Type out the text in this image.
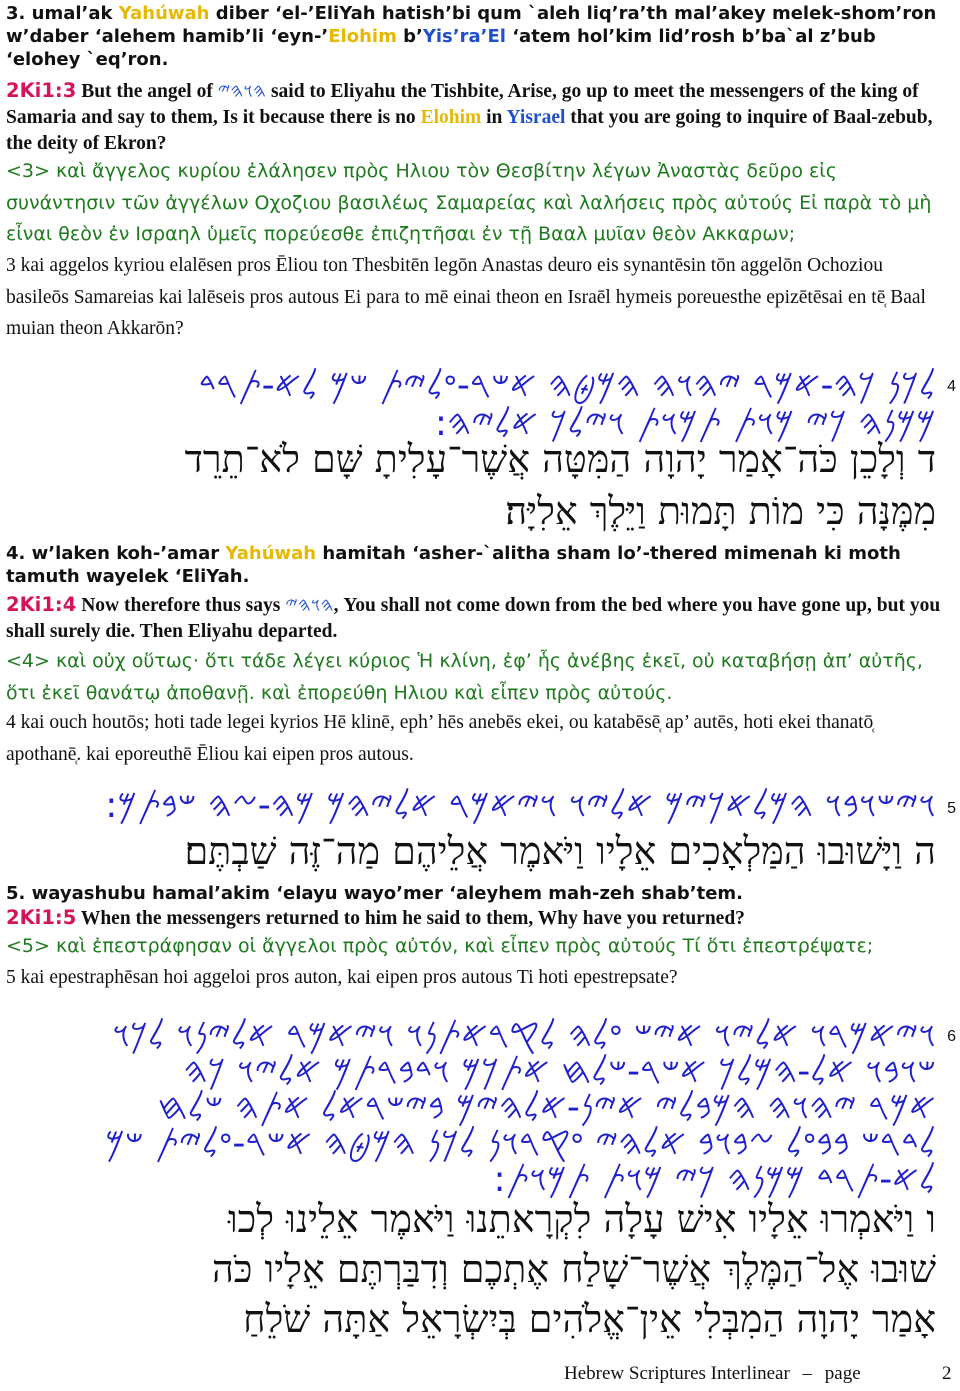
3. umal’ak Yahúwah diber ‘el-’EliYah hatish’bi qum `aleh liq’ra’th mal’akey melek-shom’ron w’daber ‘alehem hamib’li ‘eyn-’Elohim b’Yis’ra’El ‘atem hol’kim lid’rosh b’ba`al z’bub ‘elohey `eq’ron.
2Ki1:3 But the angel of 𐤄𐤅𐤄𐤉 said to Eliyahu the Tishbite, Arise, go up to meet the messengers of the king of Samaria and say to them, Is it because there is no Elohim in Yisrael that you are going to inquire of Baal-zebub, the deity of Ekron?
<3> καὶ ἄγγελος κυρίου ἐλάλησεν πρὸς Ηλιου τὸν Θεσβίτην λέγων Ἀναστὰς δεῦρο εἰς συνάντησιν τῶν ἀγγέλων Οχοζιου βασιλέως Σαμαρείας καὶ λαλήσεις πρὸς αὐτούς Εἰ παρὰ τὸ μὴ εἶναι θεὸν ἐν Ισραηλ ὑμεῖς πορεύεσθε ἐπιζητῆσαι ἐν τῇ Βααλ μυῖαν θεὸν Ακκαρων;
3 kai aggelos kyriou elalēsen pros Ēliou ton Thesbitēn legōn Anastas deuro eis synantēsin tōn aggelōn Ochoziou basileōs Samareias kai lalēseis pros autous Ei para to mē einai theon en Israēl hymeis poreuesthe epizētēsai en tē̜ Baal muian theon Akkarōn?
𐤋𐤊𐤍 𐤊𐤄-𐤀𐤌𐤓 𐤉𐤄𐤅𐤄 𐤄𐤌𐤈𐤄 𐤀𐤔𐤓-𐤏𐤋𐤉𐤕 𐤔𐤌 𐤋𐤀-𐤕𐤓𐤃
𐤌𐤌𐤍𐤄 𐤊𐤉 𐤌𐤅𐤕 𐤕𐤌𐤅𐤕 𐤅𐤉𐤋𐤊 𐤀𐤋𐤉𐤄:
4
ד וְלָכֵן כֹּה־אָמַר יָהוָה הַמִּטָּה אֲשֶׁר־עָלִיתָ שָּׁם לֹא־תֵרֵד
מִמֶּנָּה כִּי מוֹת תָּמוּת וַיֵּלֶךְ אֵלִיָּה׃
4. w’laken koh-’amar Yahúwah hamitah ‘asher-`alitha sham lo’-thered mimenah ki moth tamuth wayelek ‘EliYah.
2Ki1:4 Now therefore thus says 𐤄𐤅𐤄𐤉, You shall not come down from the bed where you have gone up, but you shall surely die. Then Eliyahu departed.
<4> καὶ οὐχ οὕτως· ὅτι τάδε λέγει κύριος Ἡ κλίνη, ἐφ’ ἧς ἀνέβης ἐκεῖ, οὐ καταβήσῃ ἀπ’ αὐτῆς, ὅτι ἐκεῖ θανάτῳ ἀποθανῇ. καὶ ἐπορεύθη Ηλιου καὶ εἶπεν πρὸς αὐτούς.
4 kai ouch houtōs; hoti tade legei kyrios Hē klinē, eph’ hēs anebēs ekei, ou katabēsē̜ ap’ autēs, hoti ekei thanatō̜ apothanē̜. kai eporeuthē Ēliou kai eipen pros autous.
𐤅𐤉𐤔𐤅𐤁𐤅 𐤄𐤌𐤋𐤀𐤊𐤉𐤌 𐤀𐤋𐤉𐤅 𐤅𐤉𐤀𐤌𐤓 𐤀𐤋𐤉𐤄𐤌 𐤌𐤄-𐤆𐤄 𐤔𐤁𐤕𐤌: 5
ה וַיָּשׁוּבוּ הַמַּלְאָכִים אֵלָיו וַיֹּאמֶר אֲלֵיהֶם מַה־זֶּה שַׁבְתֶּם׃
5. wayashubu hamal’akim ‘elayu wayo’mer ‘aleyhem mah-zeh shab’tem.
2Ki1:5 When the messengers returned to him he said to them, Why have you returned?
<5> καὶ ἐπεστράφησαν οἱ ἄγγελοι πρὸς αὐτόν, καὶ εἶπεν πρὸς αὐτούς Τί ὅτι ἐπεστρέψατε;
5 kai epestraphēsan hoi aggeloi pros auton, kai eipen pros autous Ti hoti epestrepsate?
𐤅𐤉𐤀𐤌𐤓𐤅 𐤀𐤋𐤉𐤅 𐤀𐤉𐤔 𐤏𐤋𐤄 𐤋𐤒𐤓𐤀𐤕𐤍𐤅 𐤅𐤉𐤀𐤌𐤓 𐤀𐤋𐤉𐤍𐤅 𐤋𐤊𐤅 6
𐤔𐤅𐤁𐤅 𐤀𐤋-𐤄𐤌𐤋𐤊 𐤀𐤔𐤓-𐤔𐤋𐤇 𐤀𐤕𐤊𐤌 𐤅𐤃𐤁𐤓𐤕𐤌 𐤀𐤋𐤉𐤅 𐤊𐤄
𐤀𐤌𐤓 𐤉𐤄𐤅𐤄 𐤄𐤌𐤁𐤋𐤉 𐤀𐤉𐤍-𐤀𐤋𐤄𐤉𐤌 𐤁𐤉𐤔𐤓𐤀𐤋 𐤀𐤕𐤄 𐤔𐤋𐤇
𐤋𐤃𐤓𐤔 𐤁𐤁𐤏𐤋 𐤆𐤁𐤅𐤁 𐤀𐤋𐤄𐤉 𐤏𐤒𐤓𐤅𐤍 𐤋𐤊𐤍 𐤄𐤌𐤈𐤄 𐤀𐤔𐤓-𐤏𐤋𐤉𐤕 𐤔𐤌
𐤋𐤀-𐤕𐤓𐤃 𐤌𐤌𐤍𐤄 𐤊𐤉 𐤌𐤅𐤕 𐤕𐤌𐤅𐤕:
ו וַיֹּאמְרוּ אֵלָיו אִישׁ עָלָה לִקְרָאתֵנוּ וַיֹּאמֶר אֵלֵינוּ לְכוּ
שׁוּבוּ אֶל־הַמֶּלֶךְ אֲשֶׁר־שָׁלַח אֶתְכֶם וְדִבַּרְתֶּם אֵלָיו כֹּה
אָמַר יָהוָה הַמִבְּלִי אֵין־אֱלֹהִים בְּיִשְׂרָאֵל אַתָּה שֹׁלֵחַ
Hebrew Scriptures Interlinear – page	2
